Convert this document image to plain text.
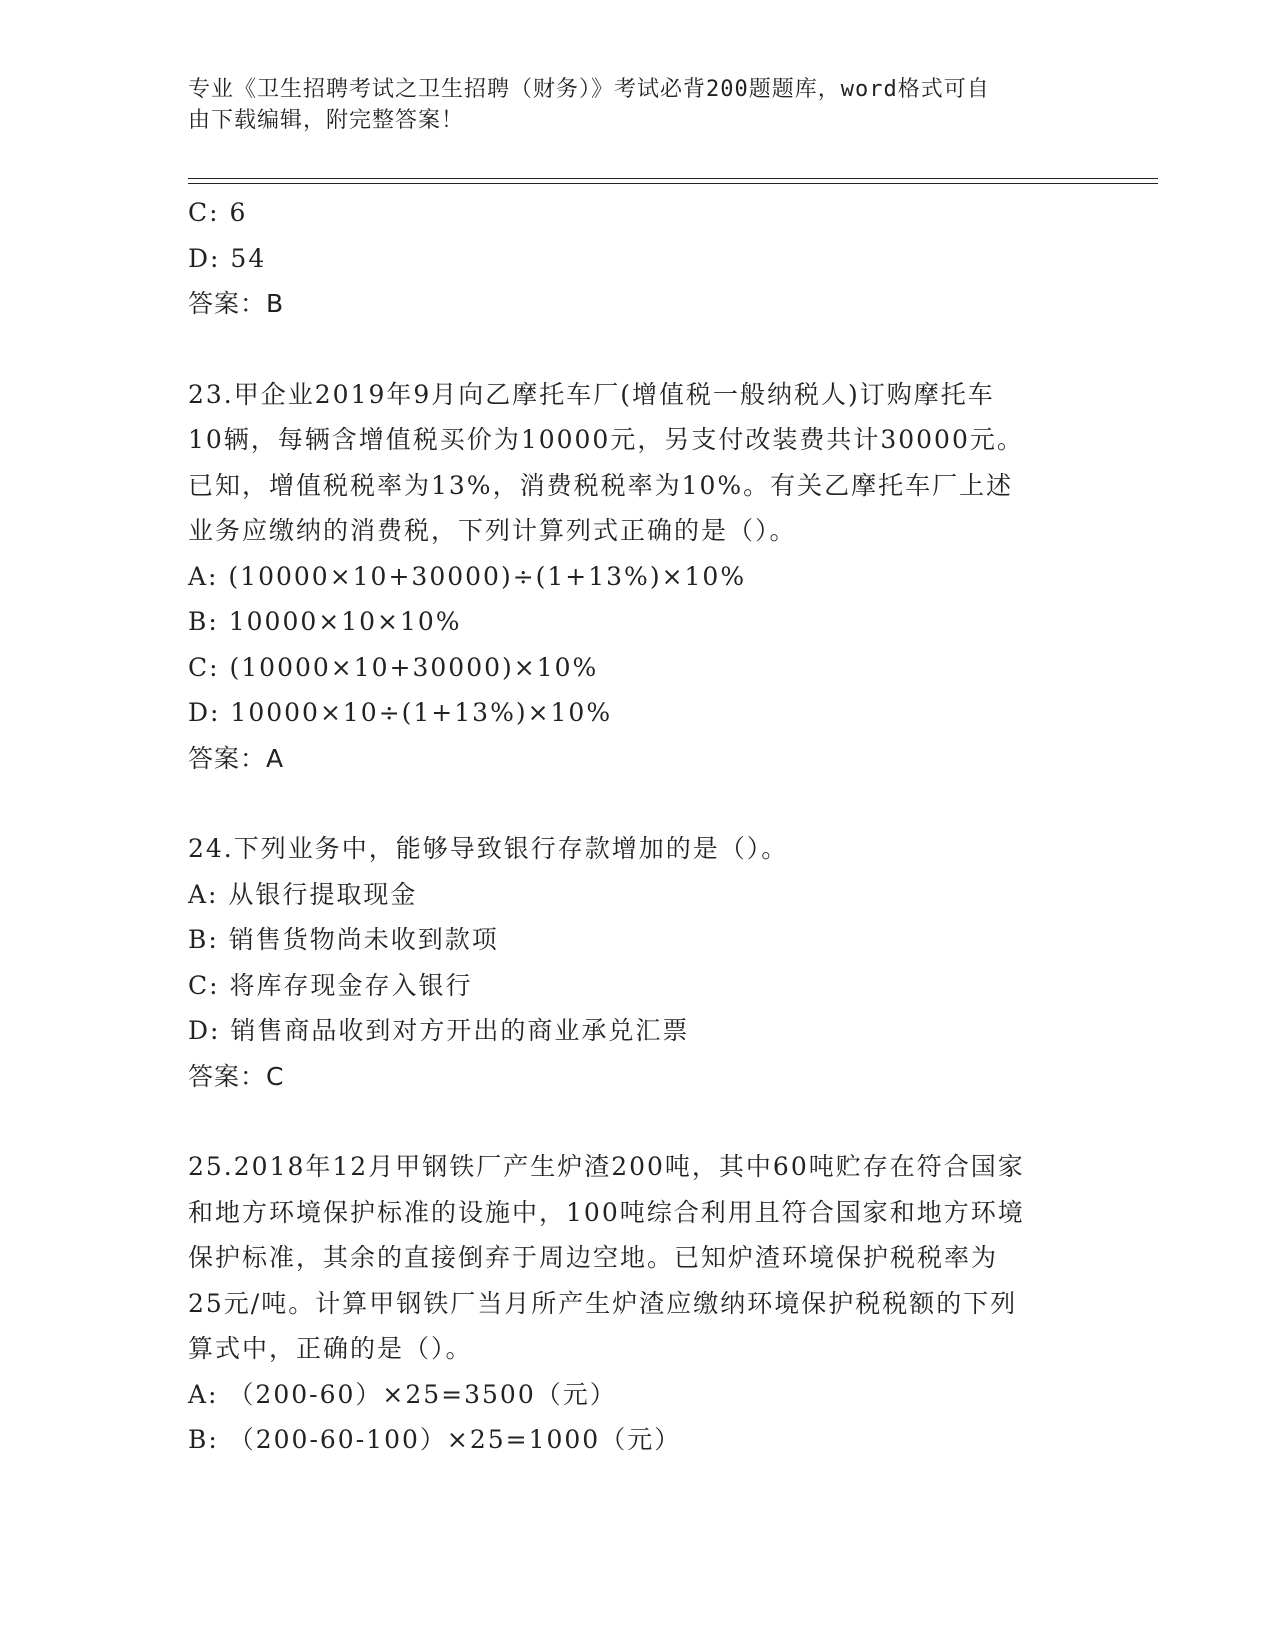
专业《卫生招聘考试之卫生招聘（财务）》考试必背200题题库，word格式可自
由下载编辑，附完整答案！
C: 6
D: 54
答案：B
23.甲企业2019年9月向乙摩托车厂(增值税一般纳税人)订购摩托车
10辆，每辆含增值税买价为10000元，另支付改装费共计30000元。
已知，增值税税率为13%，消费税税率为10%。有关乙摩托车厂上述
业务应缴纳的消费税，下列计算列式正确的是（）。
A: (10000×10+30000)÷(1+13%)×10%
B: 10000×10×10%
C: (10000×10+30000)×10%
D: 10000×10÷(1+13%)×10%
答案：A
24.下列业务中，能够导致银行存款增加的是（）。
A: 从银行提取现金
B: 销售货物尚未收到款项
C: 将库存现金存入银行
D: 销售商品收到对方开出的商业承兑汇票
答案：C
25.2018年12月甲钢铁厂产生炉渣200吨，其中60吨贮存在符合国家
和地方环境保护标准的设施中，100吨综合利用且符合国家和地方环境
保护标准，其余的直接倒弃于周边空地。已知炉渣环境保护税税率为
25元/吨。计算甲钢铁厂当月所产生炉渣应缴纳环境保护税税额的下列
算式中，正确的是（）。
A: （200-60）×25=3500（元）
B: （200-60-100）×25=1000（元）
